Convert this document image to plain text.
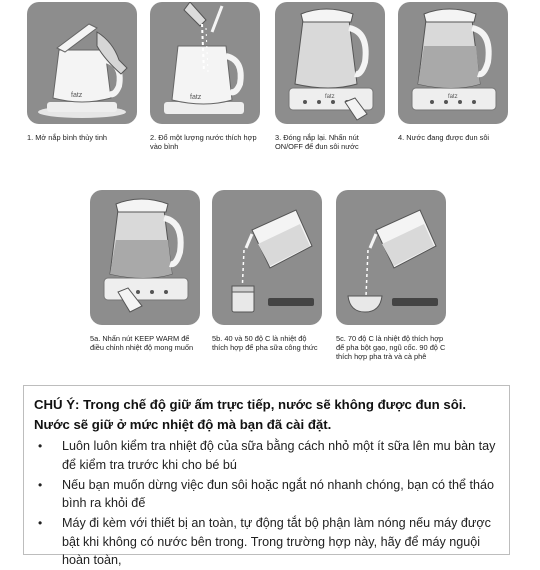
fatz	fatz	fatz	fatz
1. Mở nắp bình thủy tinh	2. Đổ một lượng nước thích hợp vào bình
3. Đóng nắp lại. Nhấn nút ON/OFF để đun sôi nước
4. Nước đang được đun sôi
5a. Nhấn nút KEEP WARM để điều chỉnh nhiệt độ mong muốn
5b. 40 và 50 độ C là nhiệt độ thích hợp để pha sữa công thức
5c. 70 độ C là nhiệt độ thích hợp để pha bột gạo, ngũ cốc. 90 độ C thích hợp pha trà và cà phê

CHÚ Ý: Trong chế độ giữ ấm trực tiếp, nước sẽ không được đun sôi. Nước sẽ giữ ở mức nhiệt độ mà bạn đã cài đặt.

• Luôn luôn kiểm tra nhiệt độ của sữa bằng cách nhỏ một ít sữa lên mu bàn tay để kiểm tra trước khi cho bé bú
• Nếu bạn muốn dừng việc đun sôi hoặc ngắt nó nhanh chóng, bạn có thể tháo bình ra khỏi đế
• Máy đi kèm với thiết bị an toàn, tự động tắt bộ phận làm nóng nếu máy được bật khi không có nước bên trong. Trong trường hợp này, hãy để máy nguội hoàn toàn,
